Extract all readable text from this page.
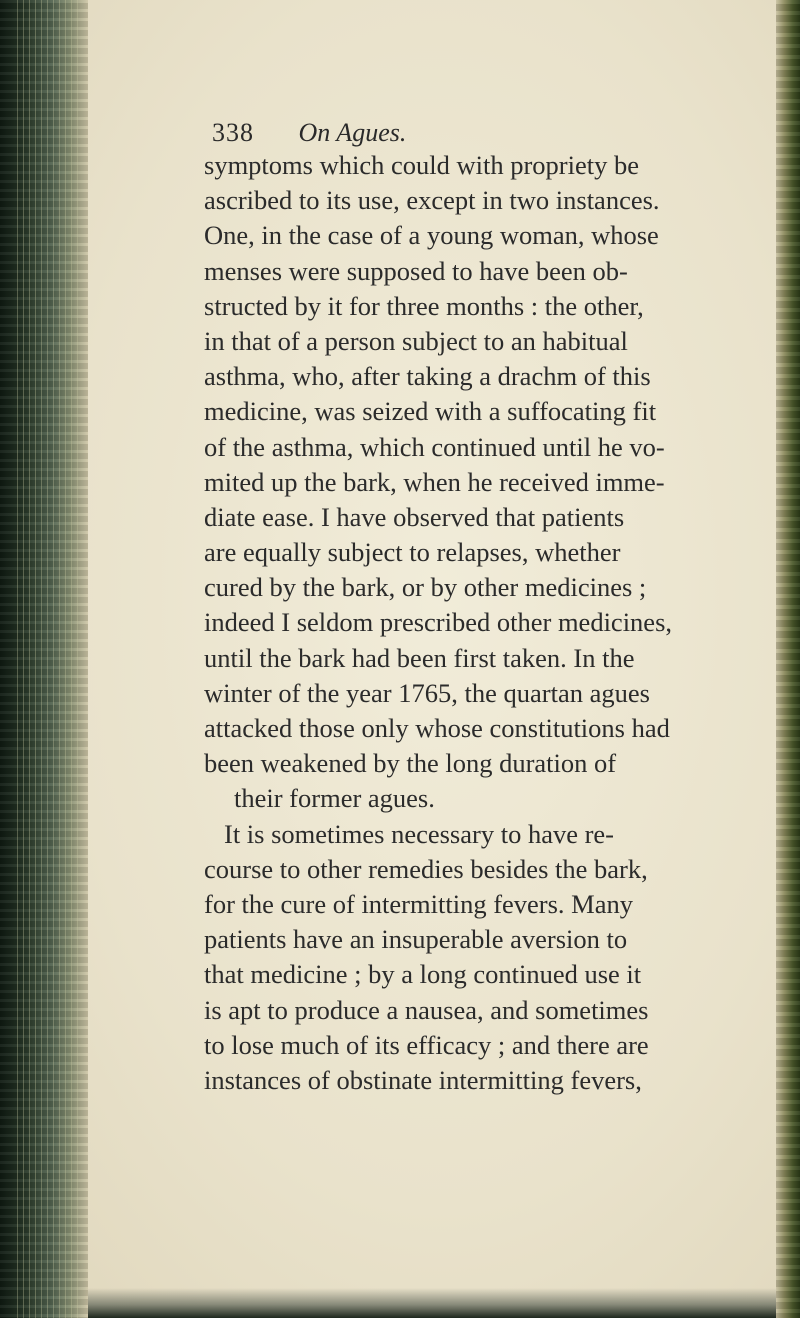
338 On Agues.
symptoms which could with propriety be
ascribed to its use, except in two instances.
One, in the case of a young woman, whose
menses were supposed to have been ob-
structed by it for three months : the other,
in that of a person subject to an habitual
asthma, who, after taking a drachm of this
medicine, was seized with a suffocating fit
of the asthma, which continued until he vo-
mited up the bark, when he received imme-
diate ease. I have observed that patients
are equally subject to relapses, whether
cured by the bark, or by other medicines ;
indeed I seldom prescribed other medicines,
until the bark had been first taken. In the
winter of the year 1765, the quartan agues
attacked those only whose constitutions had
been weakened by the long duration of
their former agues.
It is sometimes necessary to have re-
course to other remedies besides the bark,
for the cure of intermitting fevers. Many
patients have an insuperable aversion to
that medicine ; by a long continued use it
is apt to produce a nausea, and sometimes
to lose much of its efficacy ; and there are
instances of obstinate intermitting fevers,
